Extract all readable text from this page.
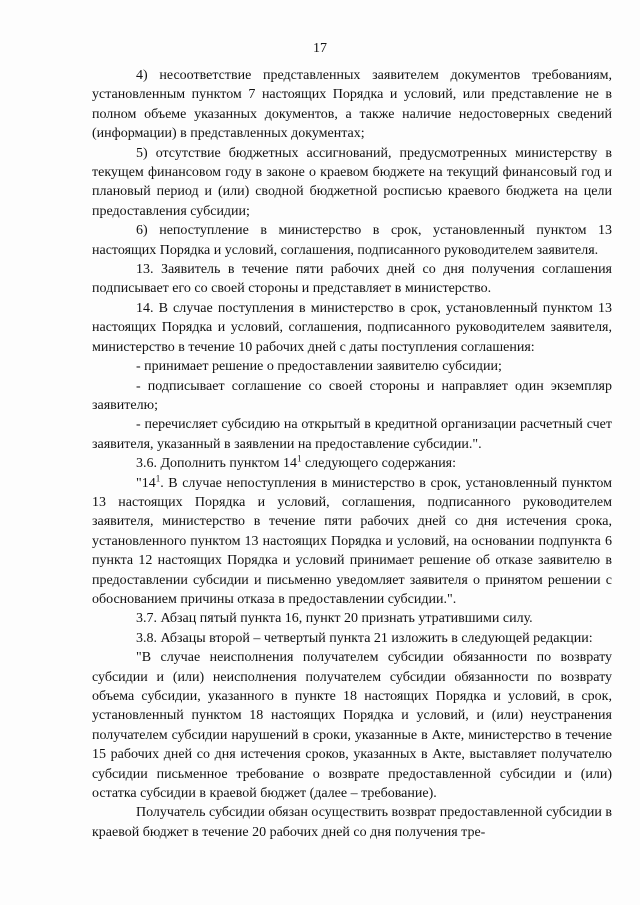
17

4) несоответствие представленных заявителем документов требованиям, установленным пунктом 7 настоящих Порядка и условий, или представление не в полном объеме указанных документов, а также наличие недостоверных сведений (информации) в представленных документах;

5) отсутствие бюджетных ассигнований, предусмотренных министерству в текущем финансовом году в законе о краевом бюджете на текущий финансовый год и плановый период и (или) сводной бюджетной росписью краевого бюджета на цели предоставления субсидии;

6) непоступление в министерство в срок, установленный пунктом 13 настоящих Порядка и условий, соглашения, подписанного руководителем заявителя.

13. Заявитель в течение пяти рабочих дней со дня получения соглашения подписывает его со своей стороны и представляет в министерство.

14. В случае поступления в министерство в срок, установленный пунктом 13 настоящих Порядка и условий, соглашения, подписанного руководителем заявителя, министерство в течение 10 рабочих дней с даты поступления соглашения:

- принимает решение о предоставлении заявителю субсидии;

- подписывает соглашение со своей стороны и направляет один экземпляр заявителю;

- перечисляет субсидию на открытый в кредитной организации расчетный счет заявителя, указанный в заявлении на предоставление субсидии.".

3.6. Дополнить пунктом $14^1$ следующего содержания:

"$14^1$. В случае непоступления в министерство в срок, установленный пунктом 13 настоящих Порядка и условий, соглашения, подписанного руководителем заявителя, министерство в течение пяти рабочих дней со дня истечения срока, установленного пунктом 13 настоящих Порядка и условий, на основании подпункта 6 пункта 12 настоящих Порядка и условий принимает решение об отказе заявителю в предоставлении субсидии и письменно уведомляет заявителя о принятом решении с обоснованием причины отказа в предоставлении субсидии.".

3.7. Абзац пятый пункта 16, пункт 20 признать утратившими силу.

3.8. Абзацы второй – четвертый пункта 21 изложить в следующей редакции:

"В случае неисполнения получателем субсидии обязанности по возврату субсидии и (или) неисполнения получателем субсидии обязанности по возврату объема субсидии, указанного в пункте 18 настоящих Порядка и условий, в срок, установленный пунктом 18 настоящих Порядка и условий, и (или) неустранения получателем субсидии нарушений в сроки, указанные в Акте, министерство в течение 15 рабочих дней со дня истечения сроков, указанных в Акте, выставляет получателю субсидии письменное требование о возврате предоставленной субсидии и (или) остатка субсидии в краевой бюджет (далее – требование).

Получатель субсидии обязан осуществить возврат предоставленной субсидии в краевой бюджет в течение 20 рабочих дней со дня получения тре-
